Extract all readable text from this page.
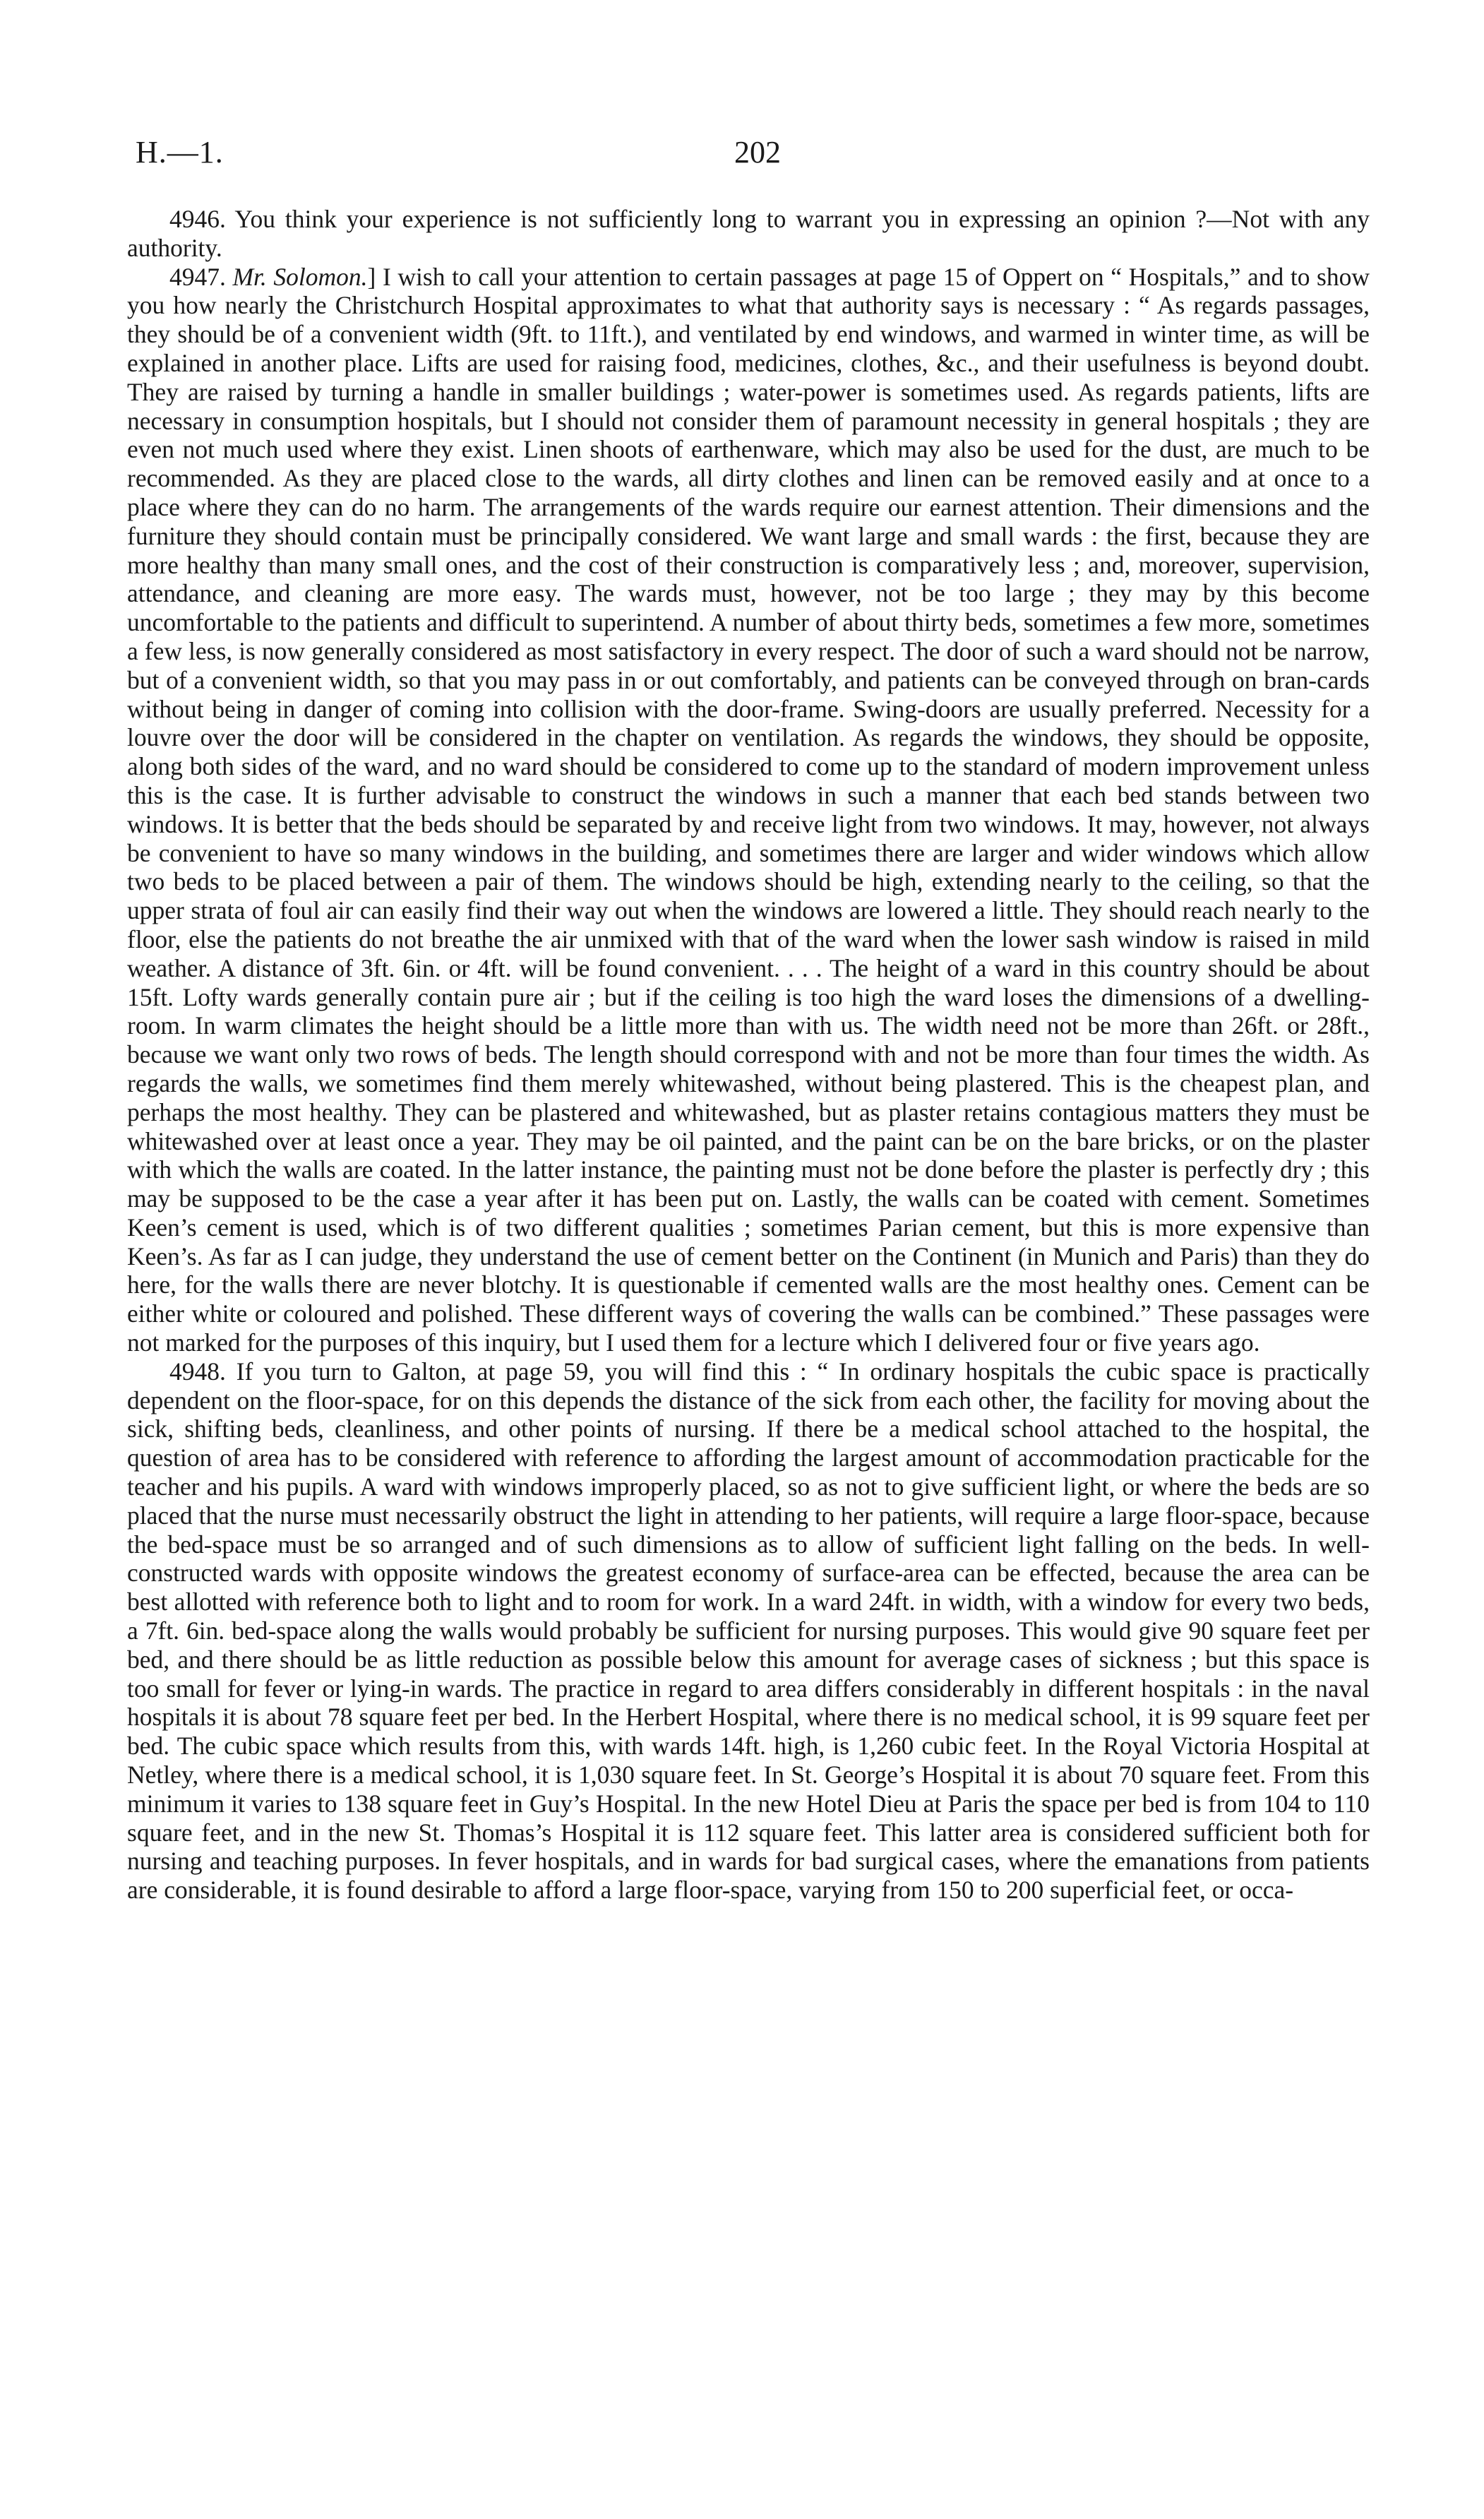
H.—1.	202

4946. You think your experience is not sufficiently long to warrant you in expressing an opinion ?—Not with any authority.

4947. Mr. Solomon.] I wish to call your attention to certain passages at page 15 of Oppert on “ Hospitals,” and to show you how nearly the Christchurch Hospital approximates to what that authority says is necessary : “ As regards passages, they should be of a convenient width (9ft. to 11ft.), and ventilated by end windows, and warmed in winter time, as will be explained in another place. Lifts are used for raising food, medicines, clothes, &c., and their usefulness is beyond doubt. They are raised by turning a handle in smaller buildings ; water-power is sometimes used. As regards patients, lifts are necessary in consumption hospitals, but I should not consider them of paramount necessity in general hospitals ; they are even not much used where they exist. Linen shoots of earthenware, which may also be used for the dust, are much to be recommended. As they are placed close to the wards, all dirty clothes and linen can be removed easily and at once to a place where they can do no harm. The arrangements of the wards require our earnest attention. Their dimensions and the furniture they should contain must be principally considered. We want large and small wards : the first, because they are more healthy than many small ones, and the cost of their construction is comparatively less ; and, moreover, supervision, attendance, and cleaning are more easy. The wards must, however, not be too large ; they may by this become uncomfortable to the patients and difficult to superintend. A number of about thirty beds, sometimes a few more, sometimes a few less, is now generally considered as most satisfactory in every respect. The door of such a ward should not be narrow, but of a convenient width, so that you may pass in or out comfortably, and patients can be conveyed through on bran-cards without being in danger of coming into collision with the door-frame. Swing-doors are usually preferred. Necessity for a louvre over the door will be considered in the chapter on ventilation. As regards the windows, they should be opposite, along both sides of the ward, and no ward should be considered to come up to the standard of modern improvement unless this is the case. It is further advisable to construct the windows in such a manner that each bed stands between two windows. It is better that the beds should be separated by and receive light from two windows. It may, however, not always be convenient to have so many windows in the building, and sometimes there are larger and wider windows which allow two beds to be placed between a pair of them. The windows should be high, extending nearly to the ceiling, so that the upper strata of foul air can easily find their way out when the windows are lowered a little. They should reach nearly to the floor, else the patients do not breathe the air unmixed with that of the ward when the lower sash window is raised in mild weather. A distance of 3ft. 6in. or 4ft. will be found convenient. . . . The height of a ward in this country should be about 15ft. Lofty wards generally contain pure air ; but if the ceiling is too high the ward loses the dimensions of a dwelling-room. In warm climates the height should be a little more than with us. The width need not be more than 26ft. or 28ft., because we want only two rows of beds. The length should correspond with and not be more than four times the width. As regards the walls, we sometimes find them merely whitewashed, without being plastered. This is the cheapest plan, and perhaps the most healthy. They can be plastered and whitewashed, but as plaster retains contagious matters they must be whitewashed over at least once a year. They may be oil painted, and the paint can be on the bare bricks, or on the plaster with which the walls are coated. In the latter instance, the painting must not be done before the plaster is perfectly dry ; this may be supposed to be the case a year after it has been put on. Lastly, the walls can be coated with cement. Sometimes Keen’s cement is used, which is of two different qualities ; sometimes Parian cement, but this is more expensive than Keen’s. As far as I can judge, they understand the use of cement better on the Continent (in Munich and Paris) than they do here, for the walls there are never blotchy. It is questionable if cemented walls are the most healthy ones. Cement can be either white or coloured and polished. These different ways of covering the walls can be combined.” These passages were not marked for the purposes of this inquiry, but I used them for a lecture which I delivered four or five years ago.

4948. If you turn to Galton, at page 59, you will find this : “ In ordinary hospitals the cubic space is practically dependent on the floor-space, for on this depends the distance of the sick from each other, the facility for moving about the sick, shifting beds, cleanliness, and other points of nursing. If there be a medical school attached to the hospital, the question of area has to be considered with reference to affording the largest amount of accommodation practicable for the teacher and his pupils. A ward with windows improperly placed, so as not to give sufficient light, or where the beds are so placed that the nurse must necessarily obstruct the light in attending to her patients, will require a large floor-space, because the bed-space must be so arranged and of such dimensions as to allow of sufficient light falling on the beds. In well-constructed wards with opposite windows the greatest economy of surface-area can be effected, because the area can be best allotted with reference both to light and to room for work. In a ward 24ft. in width, with a window for every two beds, a 7ft. 6in. bed-space along the walls would probably be sufficient for nursing purposes. This would give 90 square feet per bed, and there should be as little reduction as possible below this amount for average cases of sickness ; but this space is too small for fever or lying-in wards. The practice in regard to area differs considerably in different hospitals : in the naval hospitals it is about 78 square feet per bed. In the Herbert Hospital, where there is no medical school, it is 99 square feet per bed. The cubic space which results from this, with wards 14ft. high, is 1,260 cubic feet. In the Royal Victoria Hospital at Netley, where there is a medical school, it is 1,030 square feet. In St. George’s Hospital it is about 70 square feet. From this minimum it varies to 138 square feet in Guy’s Hospital. In the new Hotel Dieu at Paris the space per bed is from 104 to 110 square feet, and in the new St. Thomas’s Hospital it is 112 square feet. This latter area is considered sufficient both for nursing and teaching purposes. In fever hospitals, and in wards for bad surgical cases, where the emanations from patients are considerable, it is found desirable to afford a large floor-space, varying from 150 to 200 superficial feet, or occa-
